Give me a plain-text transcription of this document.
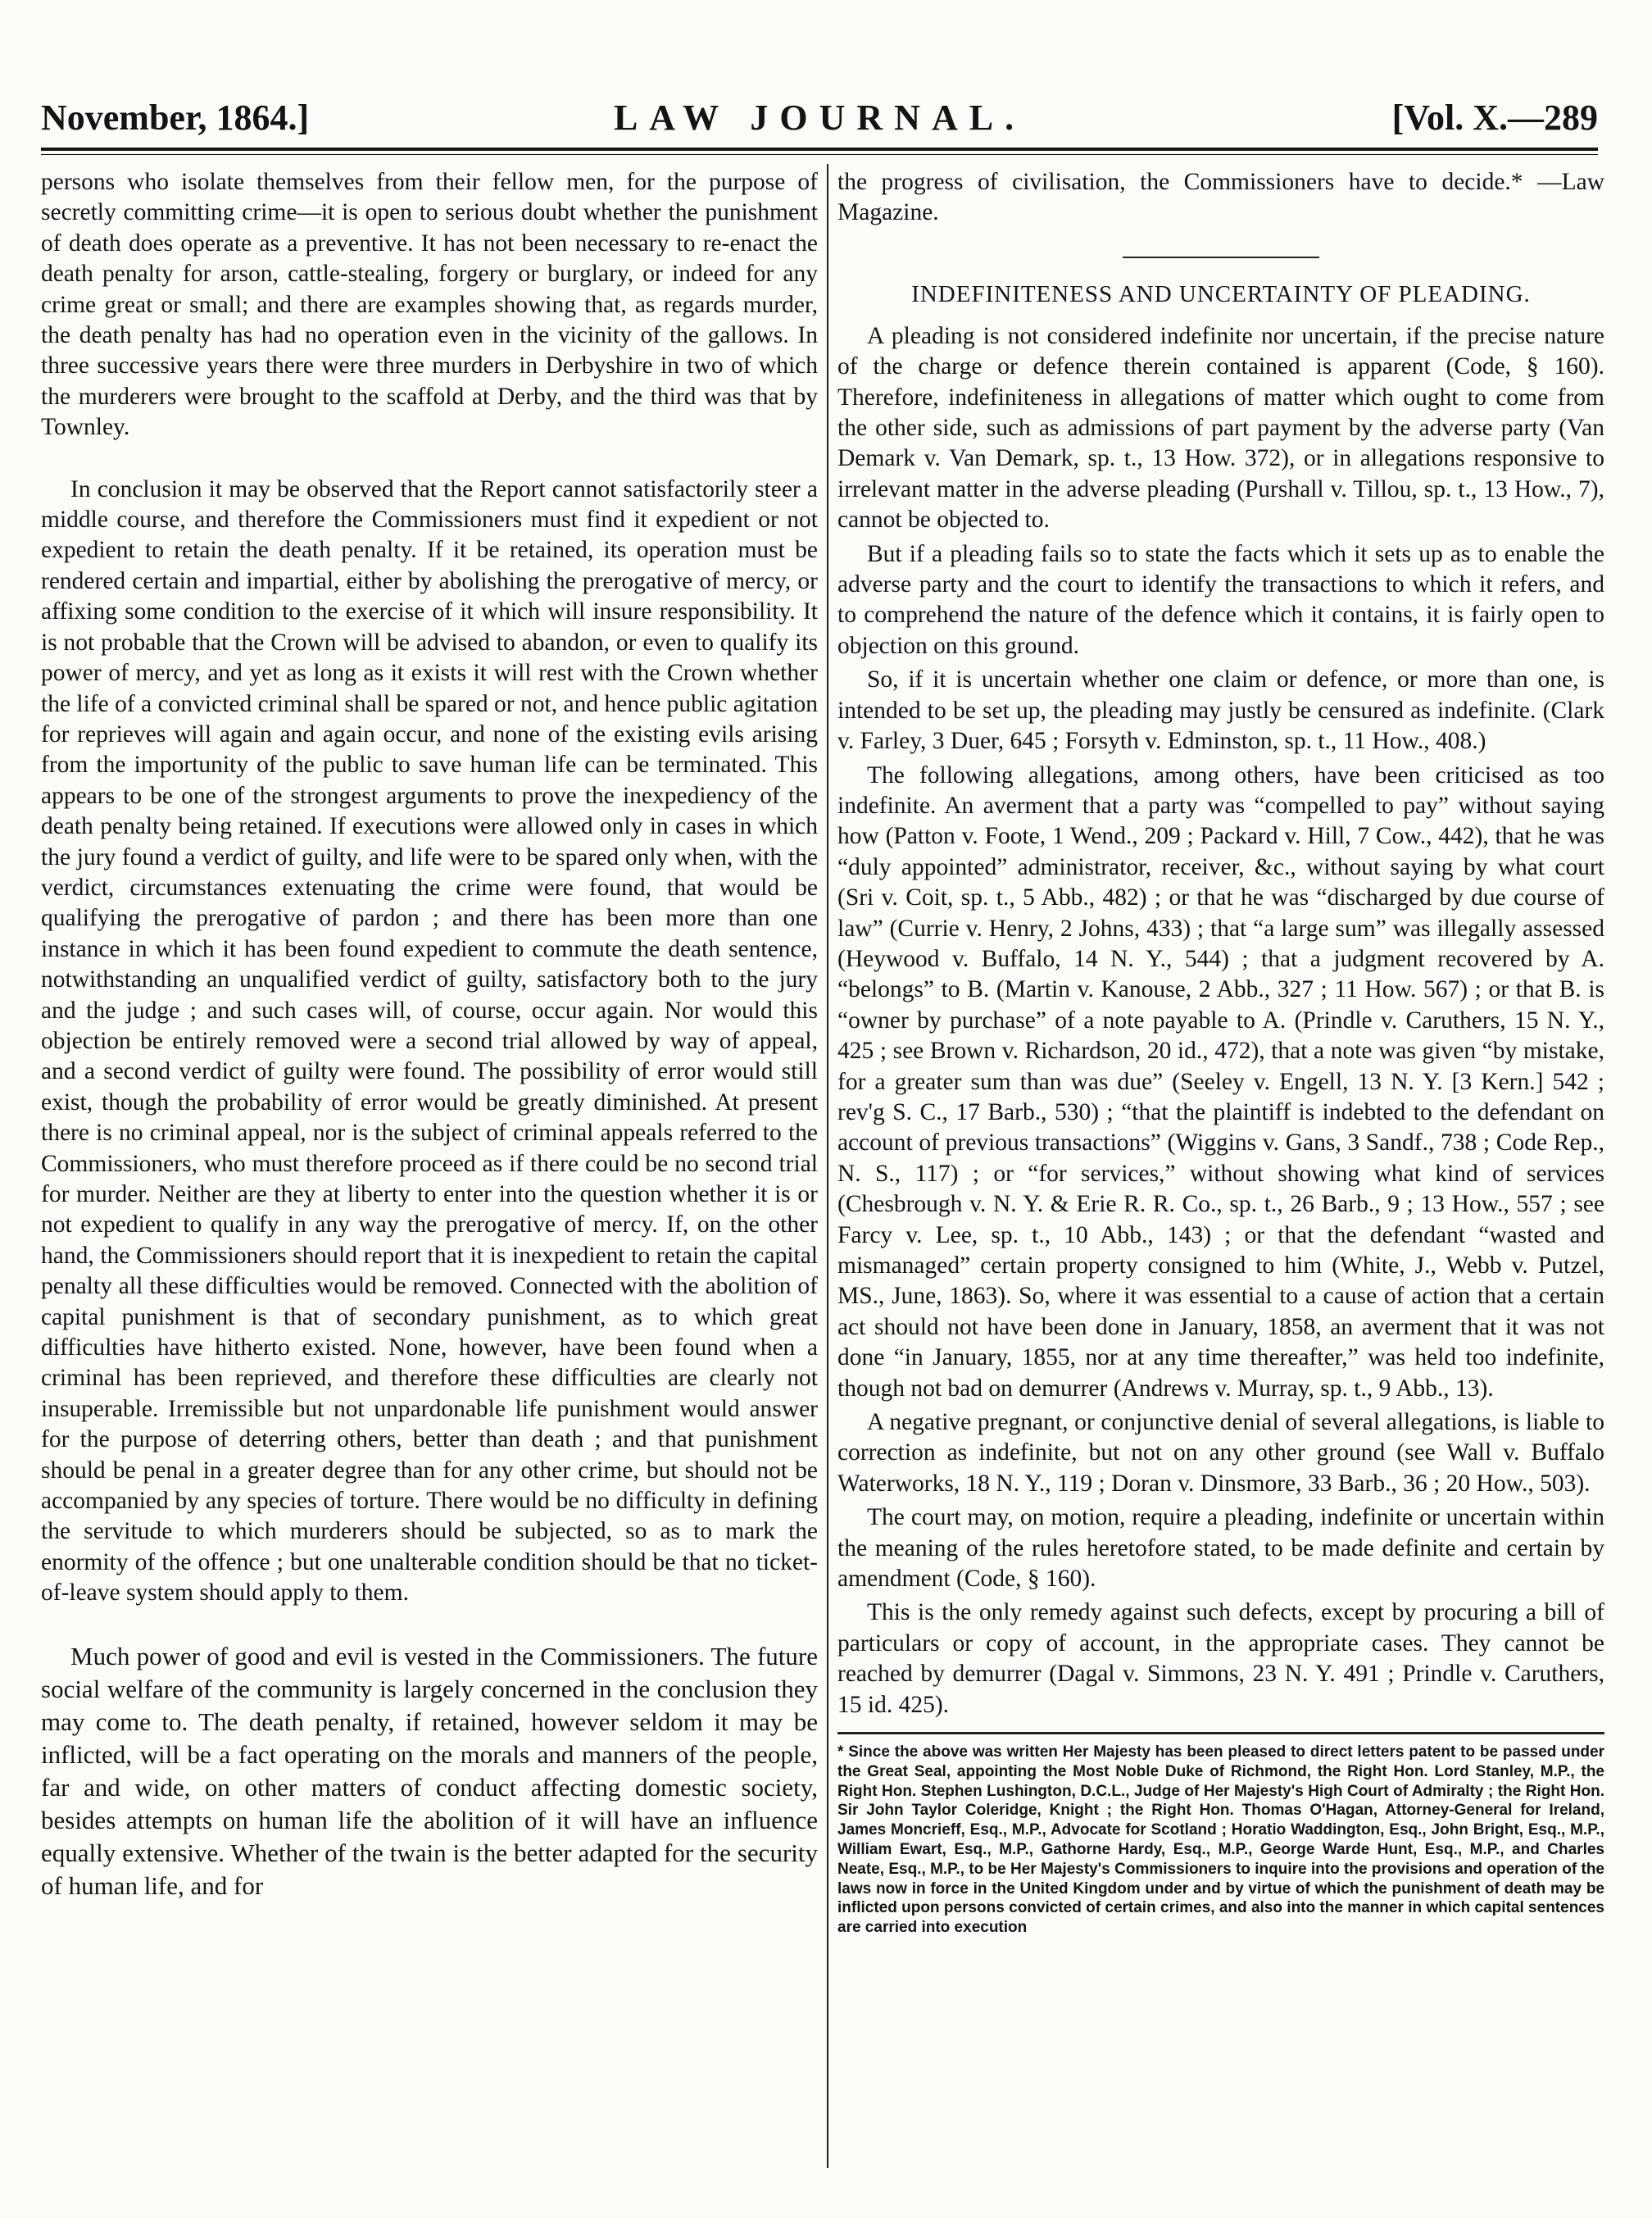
November, 1864.]	LAW JOURNAL.	[Vol. X.—289

persons who isolate themselves from their fellow men, for the purpose of secretly committing crime—it is open to serious doubt whether the punishment of death does operate as a preventive. It has not been necessary to re-enact the death penalty for arson, cattle-stealing, forgery or burglary, or indeed for any crime great or small; and there are examples showing that, as regards murder, the death penalty has had no operation even in the vicinity of the gallows. In three successive years there were three murders in Derbyshire in two of which the murderers were brought to the scaffold at Derby, and the third was that by Townley.

In conclusion it may be observed that the Report cannot satisfactorily steer a middle course, and therefore the Commissioners must find it expedient or not expedient to retain the death penalty. If it be retained, its operation must be rendered certain and impartial, either by abolishing the prerogative of mercy, or affixing some condition to the exercise of it which will insure responsibility. It is not probable that the Crown will be advised to abandon, or even to qualify its power of mercy, and yet as long as it exists it will rest with the Crown whether the life of a convicted criminal shall be spared or not, and hence public agitation for reprieves will again and again occur, and none of the existing evils arising from the importunity of the public to save human life can be terminated. This appears to be one of the strongest arguments to prove the inexpediency of the death penalty being retained. If executions were allowed only in cases in which the jury found a verdict of guilty, and life were to be spared only when, with the verdict, circumstances extenuating the crime were found, that would be qualifying the prerogative of pardon ; and there has been more than one instance in which it has been found expedient to commute the death sentence, notwithstanding an unqualified verdict of guilty, satisfactory both to the jury and the judge ; and such cases will, of course, occur again. Nor would this objection be entirely removed were a second trial allowed by way of appeal, and a second verdict of guilty were found. The possibility of error would still exist, though the probability of error would be greatly diminished. At present there is no criminal appeal, nor is the subject of criminal appeals referred to the Commissioners, who must therefore proceed as if there could be no second trial for murder. Neither are they at liberty to enter into the question whether it is or not expedient to qualify in any way the prerogative of mercy. If, on the other hand, the Commissioners should report that it is inexpedient to retain the capital penalty all these difficulties would be removed. Connected with the abolition of capital punishment is that of secondary punishment, as to which great difficulties have hitherto existed. None, however, have been found when a criminal has been reprieved, and therefore these difficulties are clearly not insuperable. Irremissible but not unpardonable life punishment would answer for the purpose of deterring others, better than death ; and that punishment should be penal in a greater degree than for any other crime, but should not be accompanied by any species of torture. There would be no difficulty in defining the servitude to which murderers should be subjected, so as to mark the enormity of the offence ; but one unalterable condition should be that no ticket-of-leave system should apply to them.

Much power of good and evil is vested in the Commissioners. The future social welfare of the community is largely concerned in the conclusion they may come to. The death penalty, if retained, however seldom it may be inflicted, will be a fact operating on the morals and manners of the people, far and wide, on other matters of conduct affecting domestic society, besides attempts on human life the abolition of it will have an influence equally extensive. Whether of the twain is the better adapted for the security of human life, and for

the progress of civilisation, the Commissioners have to decide.* —Law Magazine.

INDEFINITENESS AND UNCERTAINTY OF PLEADING.

A pleading is not considered indefinite nor uncertain, if the precise nature of the charge or defence therein contained is apparent (Code, § 160). Therefore, indefiniteness in allegations of matter which ought to come from the other side, such as admissions of part payment by the adverse party (Van Demark v. Van Demark, sp. t., 13 How. 372), or in allegations responsive to irrelevant matter in the adverse pleading (Purshall v. Tillou, sp. t., 13 How., 7), cannot be objected to.

But if a pleading fails so to state the facts which it sets up as to enable the adverse party and the court to identify the transactions to which it refers, and to comprehend the nature of the defence which it contains, it is fairly open to objection on this ground.

So, if it is uncertain whether one claim or defence, or more than one, is intended to be set up, the pleading may justly be censured as indefinite. (Clark v. Farley, 3 Duer, 645 ; Forsyth v. Edminston, sp. t., 11 How., 408.)

The following allegations, among others, have been criticised as too indefinite. An averment that a party was “compelled to pay” without saying how (Patton v. Foote, 1 Wend., 209 ; Packard v. Hill, 7 Cow., 442), that he was “duly appointed” administrator, receiver, &c., without saying by what court (Sri v. Coit, sp. t., 5 Abb., 482) ; or that he was “discharged by due course of law” (Currie v. Henry, 2 Johns, 433) ; that “a large sum” was illegally assessed (Heywood v. Buffalo, 14 N. Y., 544) ; that a judgment recovered by A. “belongs” to B. (Martin v. Kanouse, 2 Abb., 327 ; 11 How. 567) ; or that B. is “owner by purchase” of a note payable to A. (Prindle v. Caruthers, 15 N. Y., 425 ; see Brown v. Richardson, 20 id., 472), that a note was given “by mistake, for a greater sum than was due” (Seeley v. Engell, 13 N. Y. [3 Kern.] 542 ; rev'g S. C., 17 Barb., 530) ; “that the plaintiff is indebted to the defendant on account of previous transactions” (Wiggins v. Gans, 3 Sandf., 738 ; Code Rep., N. S., 117) ; or “for services,” without showing what kind of services (Chesbrough v. N. Y. & Erie R. R. Co., sp. t., 26 Barb., 9 ; 13 How., 557 ; see Farcy v. Lee, sp. t., 10 Abb., 143) ; or that the defendant “wasted and mismanaged” certain property consigned to him (White, J., Webb v. Putzel, MS., June, 1863). So, where it was essential to a cause of action that a certain act should not have been done in January, 1858, an averment that it was not done “in January, 1855, nor at any time thereafter,” was held too indefinite, though not bad on demurrer (Andrews v. Murray, sp. t., 9 Abb., 13).

A negative pregnant, or conjunctive denial of several allegations, is liable to correction as indefinite, but not on any other ground (see Wall v. Buffalo Waterworks, 18 N. Y., 119 ; Doran v. Dinsmore, 33 Barb., 36 ; 20 How., 503).

The court may, on motion, require a pleading, indefinite or uncertain within the meaning of the rules heretofore stated, to be made definite and certain by amendment (Code, § 160).

This is the only remedy against such defects, except by procuring a bill of particulars or copy of account, in the appropriate cases. They cannot be reached by demurrer (Dagal v. Simmons, 23 N. Y. 491 ; Prindle v. Caruthers, 15 id. 425).

* Since the above was written Her Majesty has been pleased to direct letters patent to be passed under the Great Seal, appointing the Most Noble Duke of Richmond, the Right Hon. Lord Stanley, M.P., the Right Hon. Stephen Lushington, D.C.L., Judge of Her Majesty's High Court of Admiralty ; the Right Hon. Sir John Taylor Coleridge, Knight ; the Right Hon. Thomas O'Hagan, Attorney-General for Ireland, James Moncrieff, Esq., M.P., Advocate for Scotland ; Horatio Waddington, Esq., John Bright, Esq., M.P., William Ewart, Esq., M.P., Gathorne Hardy, Esq., M.P., George Warde Hunt, Esq., M.P., and Charles Neate, Esq., M.P., to be Her Majesty's Commissioners to inquire into the provisions and operation of the laws now in force in the United Kingdom under and by virtue of which the punishment of death may be inflicted upon persons convicted of certain crimes, and also into the manner in which capital sentences are carried into execution
